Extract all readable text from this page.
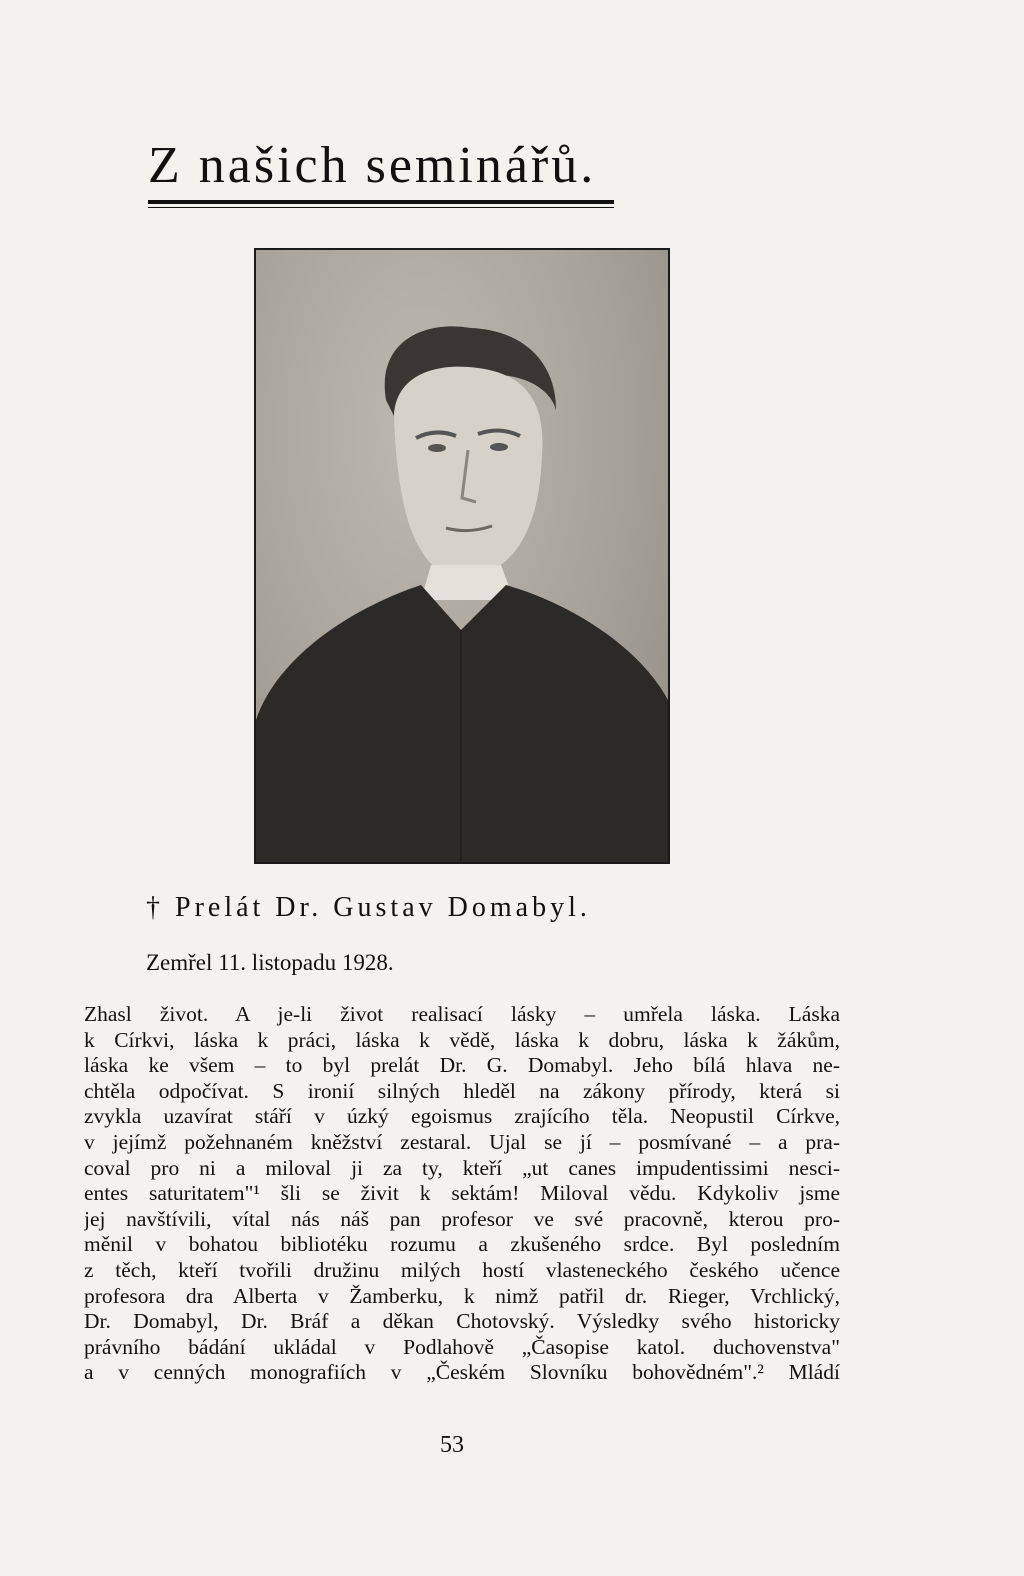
Z našich seminářů.
† Prelát Dr. Gustav Domabyl.
Zemřel 11. listopadu 1928.
Zhasl život. A je-li život realisací lásky – umřela láska. Láska
k Církvi, láska k práci, láska k vědě, láska k dobru, láska k žákům,
láska ke všem – to byl prelát Dr. G. Domabyl. Jeho bílá hlava ne-
chtěla odpočívat. S ironií silných hleděl na zákony přírody, která si
zvykla uzavírat stáří v úzký egoismus zrajícího těla. Neopustil Církve,
v jejímž požehnaném kněžství zestaral. Ujal se jí – posmívané – a pra-
coval pro ni a miloval ji za ty, kteří „ut canes impudentissimi nesci-
entes saturitatem"¹ šli se živit k sektám! Miloval vědu. Kdykoliv jsme
jej navštívili, vítal nás náš pan profesor ve své pracovně, kterou pro-
měnil v bohatou bibliotéku rozumu a zkušeného srdce. Byl posledním
z těch, kteří tvořili družinu milých hostí vlasteneckého českého učence
profesora dra Alberta v Žamberku, k nimž patřil dr. Rieger, Vrchlický,
Dr. Domabyl, Dr. Bráf a děkan Chotovský. Výsledky svého historicky
právního bádání ukládal v Podlahově „Časopise katol. duchovenstva"
a v cenných monografiích v „Českém Slovníku bohovědném".² Mládí
53
